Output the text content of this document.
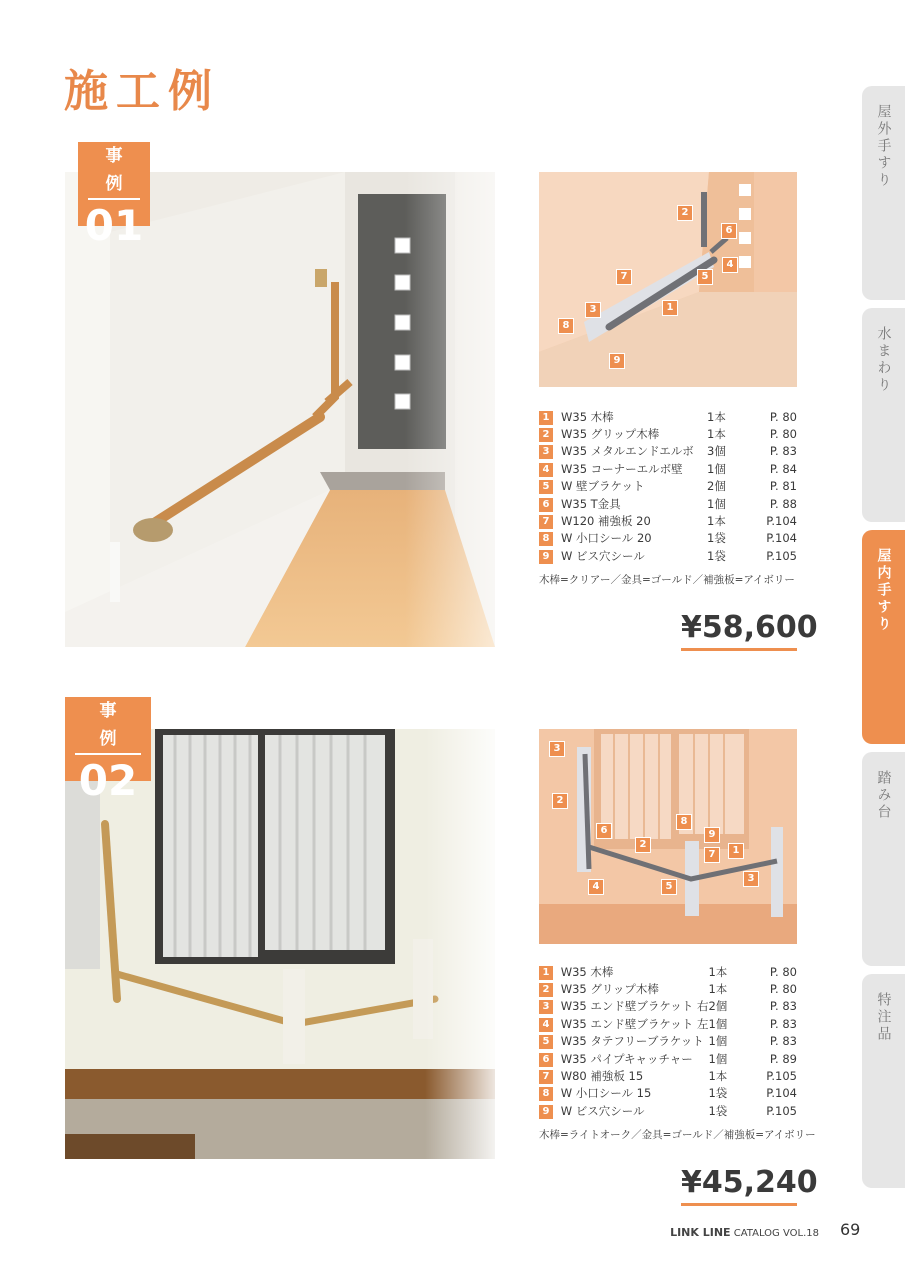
施工例
事例
01	2
6
4
5
7
1
3
8
9
1	W35 木棒	1本	P. 80
2	W35 グリップ木棒	1本	P. 80
3	W35 メタルエンドエルボ	3個	P. 83
4	W35 コーナーエルボ壁	1個	P. 84
5	W 壁ブラケット	2個	P. 81
6	W35 T金具	1個	P. 88
7	W120 補強板 20	1本	P.104
8	W 小口シール 20	1袋	P.104
9	W ビス穴シール	1袋	P.105
木棒=クリアー／金具=ゴールド／補強板=アイボリー
¥58,600
事例
02
3
2
6
2
8
9
7	1
3
4	5
1	W35 木棒	1本	P. 80
2	W35 グリップ木棒	1本	P. 80
3	W35 エンド壁ブラケット 右	2個	P. 83
4	W35 エンド壁ブラケット 左	1個	P. 83
5	W35 タテフリーブラケット	1個	P. 83
6	W35 パイプキャッチャー	1個	P. 89
7	W80 補強板 15	1本	P.105
8	W 小口シール 15	1袋	P.104
9	W ビス穴シール	1袋	P.105
木棒=ライトオーク／金具=ゴールド／補強板=アイボリー
¥45,240
屋外手すり
水まわり
屋内手すり
踏み台
特注品
LINK LINE CATALOG VOL.18 69
